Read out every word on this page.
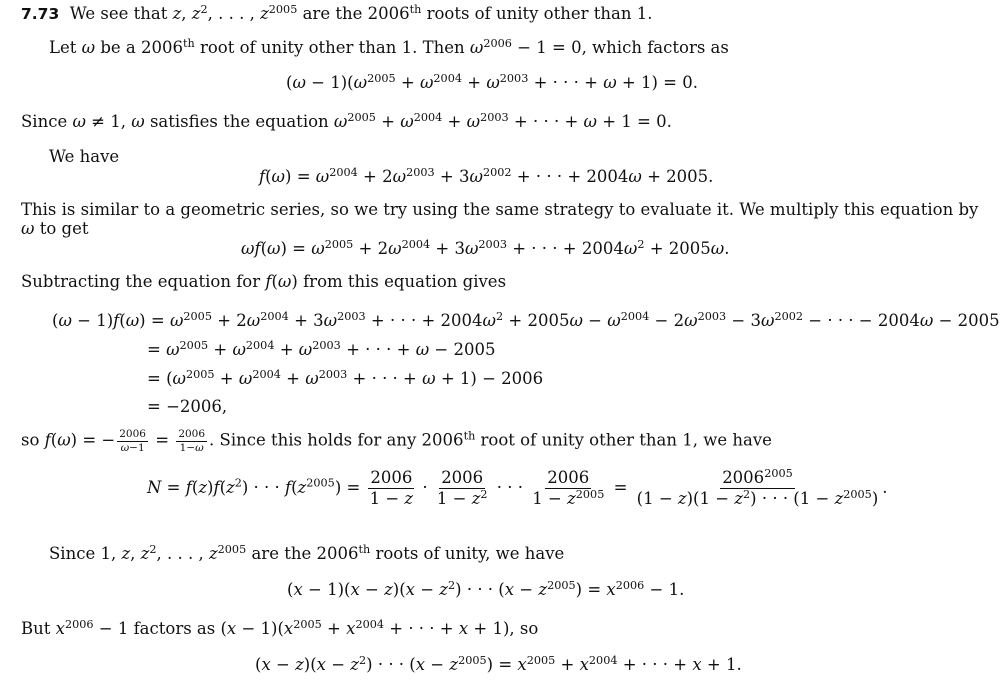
7.73  We see that z, $z^2$, . . . , $z^{2005}$ are the 2006th roots of unity other than 1.
Let ω be a 2006th root of unity other than 1. Then $\omega^{2006} - 1 = 0$, which factors as
$(\omega - 1)(\omega^{2005} + \omega^{2004} + \omega^{2003}$ + · · · + ω + 1) = 0.
Since ω ≠ 1, ω satisfies the equation $\omega^{2005} + \omega^{2004} + \omega^{2003}$ + · · · + ω + 1 = 0.
We have
$f(\omega) = \omega^{2004} + 2\omega^{2003} + 3\omega^{2002}$ + · · · + 2004ω + 2005.
This is similar to a geometric series, so we try using the same strategy to evaluate it. We multiply this equation by
ω to get
$\omega f(\omega) = \omega^{2005} + 2\omega^{2004} + 3\omega^{2003}$ + · · · + $2004\omega^2 + 2005\omega$.
Subtracting the equation for f(ω) from this equation gives
$(\omega - 1)f(\omega) = \omega^{2005} + 2\omega^{2004} + 3\omega^{2003}$ + · · · + $2004\omega^2 + 2005\omega - \omega^{2004} - 2\omega^{2003} - 3\omega^{2002}$ − · · · − 2004ω − 2005
= $\omega^{2005} + \omega^{2004} + \omega^{2003}$ + · · · + ω − 2005
= ($\omega^{2005} + \omega^{2004} + \omega^{2003}$ + · · · + ω + 1) − 2006
= −2006,
so f(ω) = − $\frac{2006}{\omega-1} = \frac{2006}{1-\omega}$ . Since this holds for any 2006th root of unity other than 1, we have
$N = f(z)f(z^2)$ · · · $f(z^{2005}) = \frac{2006}{1 - z} \cdot \frac{2006}{1 - z^2}$ · · · $\frac{2006}{1 - z^{2005}} = \frac{2006^{2005}}{(1 - z)(1 - z^2) \cdot \cdot \cdot (1 - z^{2005})}$ .
Since 1, z, $z^2$, . . . , $z^{2005}$ are the 2006th roots of unity, we have
$(x - 1)(x - z)(x - z^2)$ · · · $(x - z^{2005}) = x^{2006} - 1$.
But $x^{2006} - 1$ factors as $(x - 1)(x^{2005} + x^{2004}$ + · · · + x + 1), so
$(x - z)(x - z^2)$ · · · $(x - z^{2005}) = x^{2005} + x^{2004}$ + · · · + x + 1.
